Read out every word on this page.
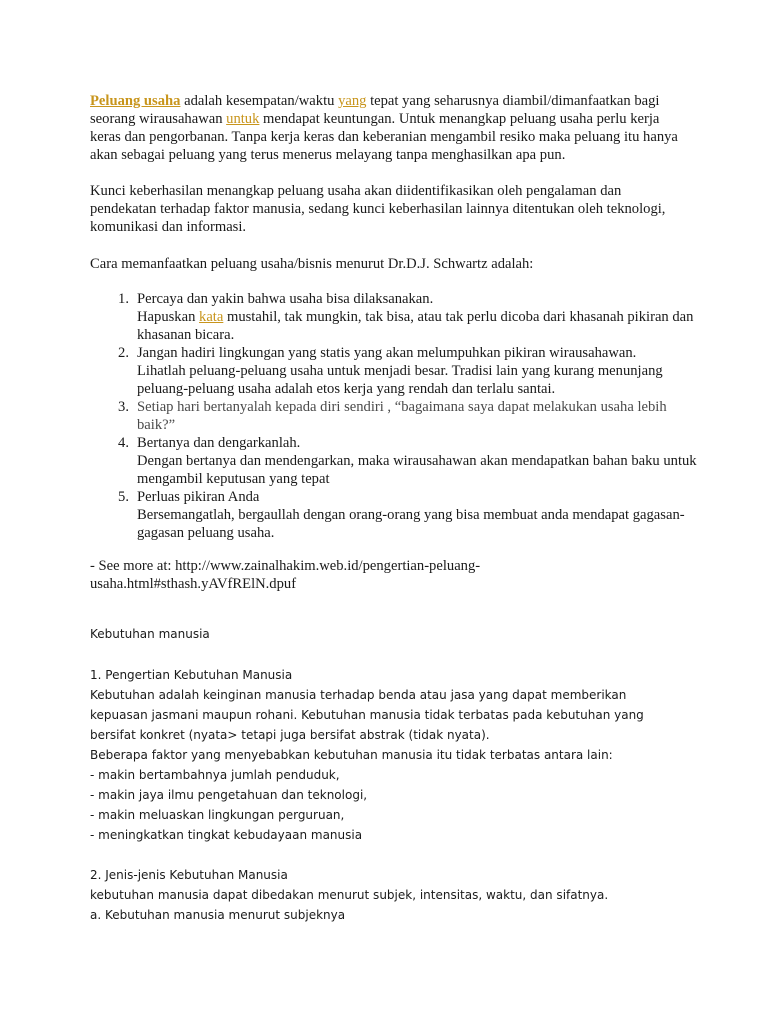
Peluang usaha adalah kesempatan/waktu yang tepat yang seharusnya diambil/dimanfaatkan bagi seorang wirausahawan untuk mendapat keuntungan. Untuk menangkap peluang usaha perlu kerja keras dan pengorbanan. Tanpa kerja keras dan keberanian mengambil resiko maka peluang itu hanya akan sebagai peluang yang terus menerus melayang tanpa menghasilkan apa pun.

Kunci keberhasilan menangkap peluang usaha akan diidentifikasikan oleh pengalaman dan pendekatan terhadap faktor manusia, sedang kunci keberhasilan lainnya ditentukan oleh teknologi, komunikasi dan informasi.

Cara memanfaatkan peluang usaha/bisnis menurut Dr.D.J. Schwartz adalah:

1. Percaya dan yakin bahwa usaha bisa dilaksanakan.
Hapuskan kata mustahil, tak mungkin, tak bisa, atau tak perlu dicoba dari khasanah pikiran dan khasanan bicara.
2. Jangan hadiri lingkungan yang statis yang akan melumpuhkan pikiran wirausahawan.
Lihatlah peluang-peluang usaha untuk menjadi besar. Tradisi lain yang kurang menunjang peluang-peluang usaha adalah etos kerja yang rendah dan terlalu santai.
3. Setiap hari bertanyalah kepada diri sendiri , “bagaimana saya dapat melakukan usaha lebih baik?”
4. Bertanya dan dengarkanlah.
Dengan bertanya dan mendengarkan, maka wirausahawan akan mendapatkan bahan baku untuk mengambil keputusan yang tepat
5. Perluas pikiran Anda
Bersemangatlah, bergaullah dengan orang-orang yang bisa membuat anda mendapat gagasan-gagasan peluang usaha.

- See more at: http://www.zainalhakim.web.id/pengertian-peluang-usaha.html#sthash.yAVfRElN.dpuf

Kebutuhan manusia

1. Pengertian Kebutuhan Manusia

Kebutuhan adalah keinginan manusia terhadap benda atau jasa yang dapat memberikan kepuasan jasmani maupun rohani. Kebutuhan manusia tidak terbatas pada kebutuhan yang bersifat konkret (nyata> tetapi juga bersifat abstrak (tidak nyata).

Beberapa faktor yang menyebabkan kebutuhan manusia itu tidak terbatas antara lain:

- makin bertambahnya jumlah penduduk,

- makin jaya ilmu pengetahuan dan teknologi,

- makin meluaskan lingkungan perguruan,

- meningkatkan tingkat kebudayaan manusia

2. Jenis-jenis Kebutuhan Manusia

kebutuhan manusia dapat dibedakan menurut subjek, intensitas, waktu, dan sifatnya.

a. Kebutuhan manusia menurut subjeknya
